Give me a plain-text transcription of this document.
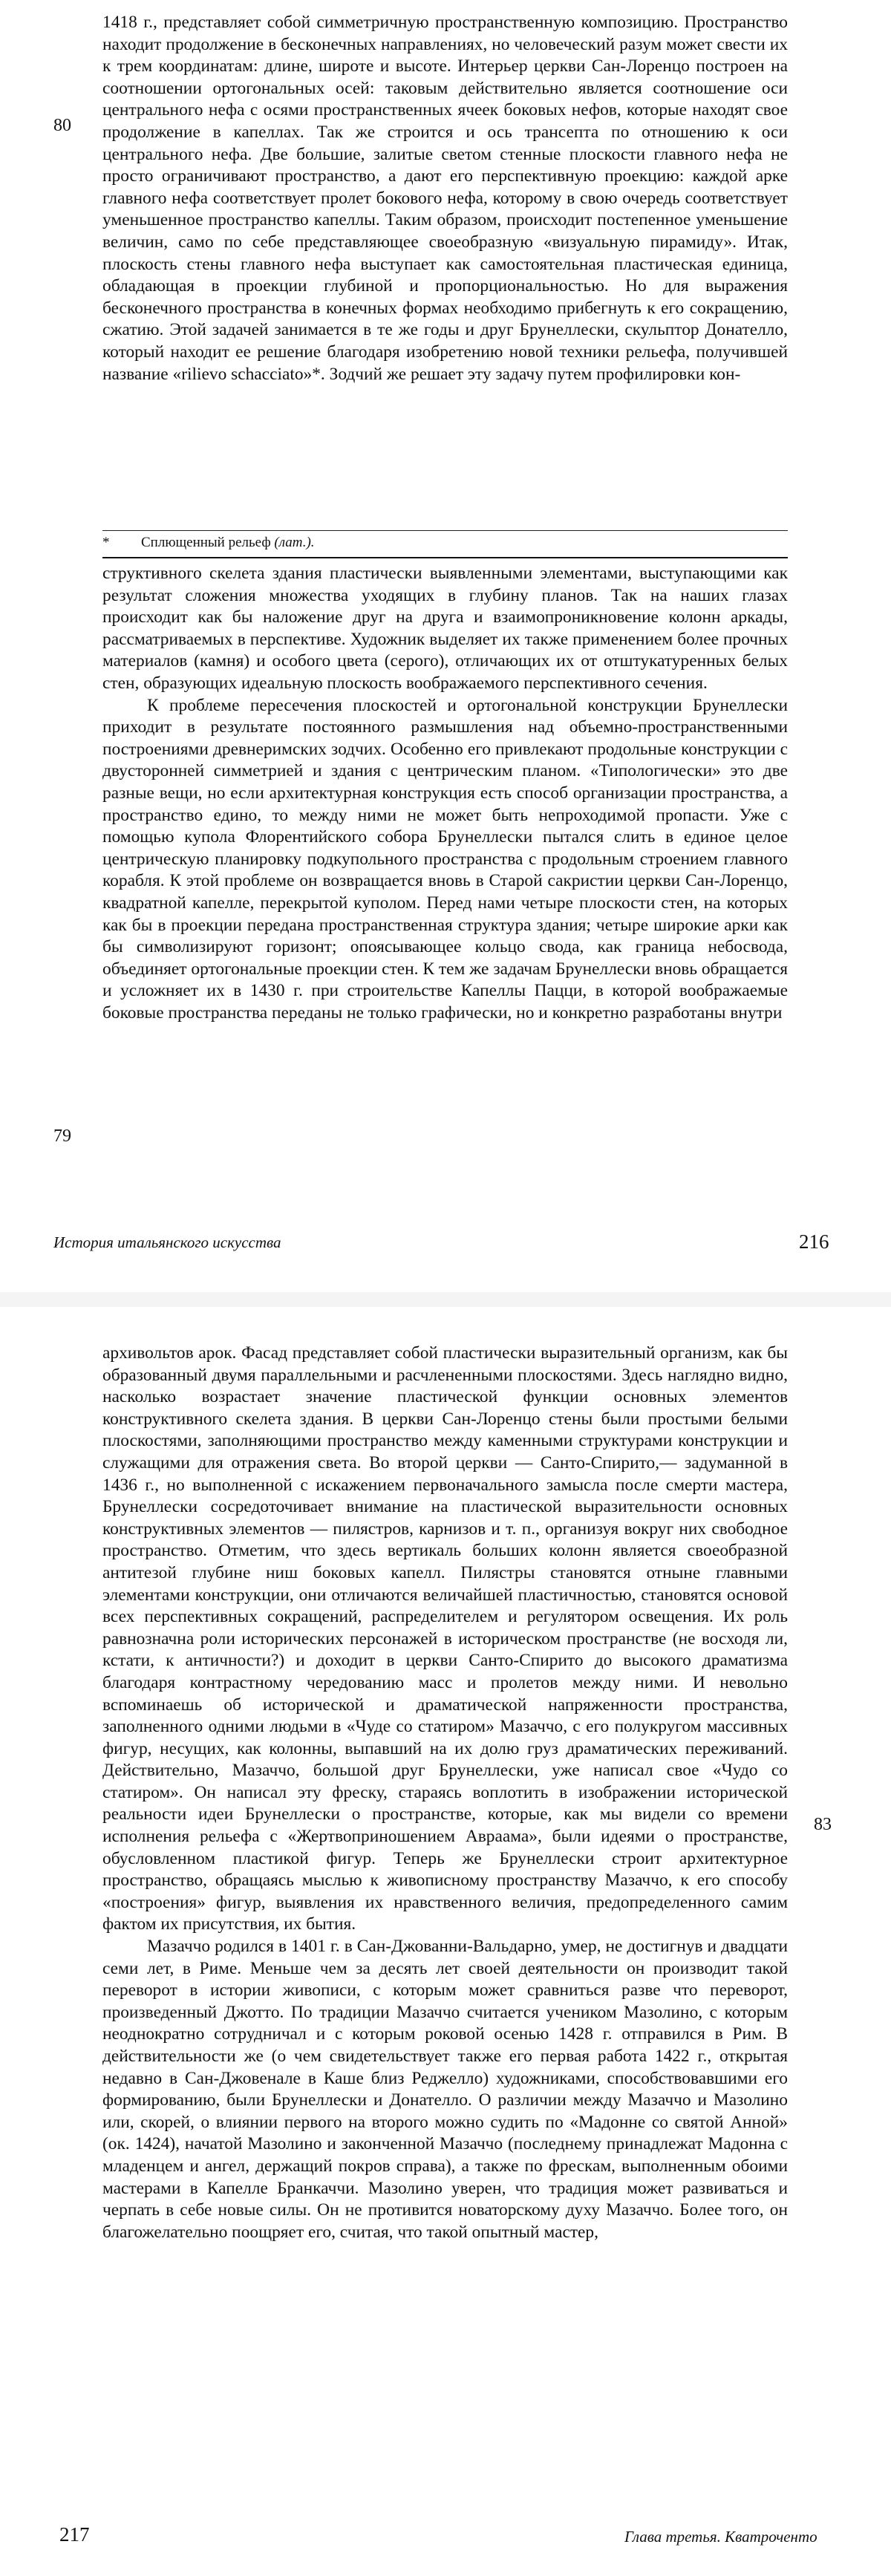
80

1418 г., представляет собой симметричную пространственную композицию. Пространство находит продолжение в бесконечных направлениях, но человеческий разум может свести их к трем координатам: длине, широте и высоте. Интерьер церкви Сан-Лоренцо построен на соотношении ортогональных осей: таковым действительно является соотношение оси центрального нефа с осями пространственных ячеек боковых нефов, которые находят свое продолжение в капеллах. Так же строится и ось трансепта по отношению к оси центрального нефа. Две большие, залитые светом стенные плоскости главного нефа не просто ограничивают пространство, а дают его перспективную проекцию: каждой арке главного нефа соответствует пролет бокового нефа, которому в свою очередь соответствует уменьшенное пространство капеллы. Таким образом, происходит постепенное уменьшение величин, само по себе представляющее своеобразную «визуальную пирамиду». Итак, плоскость стены главного нефа выступает как самостоятельная пластическая единица, обладающая в проекции глубиной и пропорциональностью. Но для выражения бесконечного пространства в конечных формах необходимо прибегнуть к его сокращению, сжатию. Этой задачей занимается в те же годы и друг Брунеллески, скульптор Донателло, который находит ее решение благодаря изобретению новой техники рельефа, получившей название «rilievo schacciato»*. Зодчий же решает эту задачу путем профилировки кон-

* Сплющенный рельеф (лат.).

структивного скелета здания пластически выявленными элементами, выступающими как результат сложения множества уходящих в глубину планов. Так на наших глазах происходит как бы наложение друг на друга и взаимопроникновение колонн аркады, рассматриваемых в перспективе. Художник выделяет их также применением более прочных материалов (камня) и особого цвета (серого), отличающих их от отштукатуренных белых стен, образующих идеальную плоскость воображаемого перспективного сечения.

К проблеме пересечения плоскостей и ортогональной конструкции Брунеллески приходит в результате постоянного размышления над объемно-пространственными построениями древнеримских зодчих. Особенно его привлекают продольные конструкции с двусторонней симметрией и здания с центрическим планом. «Типологически» это две разные вещи, но если архитектурная конструкция есть способ организации пространства, а пространство едино, то между ними не может быть непроходимой пропасти. Уже с помощью купола Флорентийского собора Брунеллески пытался слить в единое целое центрическую планировку подкупольного пространства с продольным строением главного корабля. К этой проблеме он возвращается вновь в Старой сакристии церкви Сан-Лоренцо, квадратной капелле, перекрытой куполом. Перед нами четыре плоскости стен, на которых как бы в проекции передана пространственная структура здания; четыре широкие арки как бы символизируют горизонт; опоясывающее кольцо свода, как граница небосвода, объединяет ортогональные проекции стен. К тем же задачам Брунеллески вновь обращается и усложняет их в 1430 г. при строительстве Капеллы Пацци, в которой воображаемые боковые пространства переданы не только графически, но и конкретно разработаны внутри

79
История итальянского искусства	216

архивольтов арок. Фасад представляет собой пластически выразительный организм, как бы образованный двумя параллельными и расчлененными плоскостями. Здесь наглядно видно, насколько возрастает значение пластической функции основных элементов конструктивного скелета здания. В церкви Сан-Лоренцо стены были простыми белыми плоскостями, заполняющими пространство между каменными структурами конструкции и служащими для отражения света. Во второй церкви — Санто-Спирито,— задуманной в 1436 г., но выполненной с искажением первоначального замысла после смерти мастера, Брунеллески сосредоточивает внимание на пластической выразительности основных конструктивных элементов — пилястров, карнизов и т. п., организуя вокруг них свободное пространство. Отметим, что здесь вертикаль больших колонн является своеобразной антитезой глубине ниш боковых капелл. Пилястры становятся отныне главными элементами конструкции, они отличаются величайшей пластичностью, становятся основой всех перспективных сокращений, распределителем и регулятором освещения. Их роль равнозначна роли исторических персонажей в историческом пространстве (не восходя ли, кстати, к античности?) и доходит в церкви Санто-Спирито до высокого драматизма благодаря контрастному чередованию масс и пролетов между ними. И невольно вспоминаешь об исторической и драматической напряженности пространства, заполненного одними людьми в «Чуде со статиром» Мазаччо, с его полукругом массивных фигур, несущих, как колонны, выпавший на их долю груз драматических переживаний. Действительно, Мазаччо, большой друг Брунеллески, уже написал свое «Чудо со статиром». Он написал эту фреску, стараясь воплотить в изображении исторической реальности идеи Брунеллески о пространстве, которые, как мы видели со времени исполнения рельефа с «Жертвоприношением Авраама», были идеями о пространстве, обусловленном пластикой фигур. Теперь же Брунеллески строит архитектурное пространство, обращаясь мыслью к живописному пространству Мазаччо, к его способу «построения» фигур, выявления их нравственного величия, предопределенного самим фактом их присутствия, их бытия.

Мазаччо родился в 1401 г. в Сан-Джованни-Вальдарно, умер, не достигнув и двадцати семи лет, в Риме. Меньше чем за десять лет своей деятельности он производит такой переворот в истории живописи, с которым может сравниться разве что переворот, произведенный Джотто. По традиции Мазаччо считается учеником Мазолино, с которым неоднократно сотрудничал и с которым роковой осенью 1428 г. отправился в Рим. В действительности же (о чем свидетельствует также его первая работа 1422 г., открытая недавно в Сан-Джовенале в Каше близ Реджелло) художниками, способствовавшими его формированию, были Брунеллески и Донателло. О различии между Мазаччо и Мазолино или, скорей, о влиянии первого на второго можно судить по «Мадонне со святой Анной» (ок. 1424), начатой Мазолино и законченной Мазаччо (последнему принадлежат Мадонна с младенцем и ангел, держащий покров справа), а также по фрескам, выполненным обоими мастерами в Капелле Бранкаччи. Мазолино уверен, что традиция может развиваться и черпать в себе новые силы. Он не противится новаторскому духу Мазаччо. Более того, он благожелательно поощряет его, считая, что такой опытный мастер,

83
217	Глава третья. Кватроченто
